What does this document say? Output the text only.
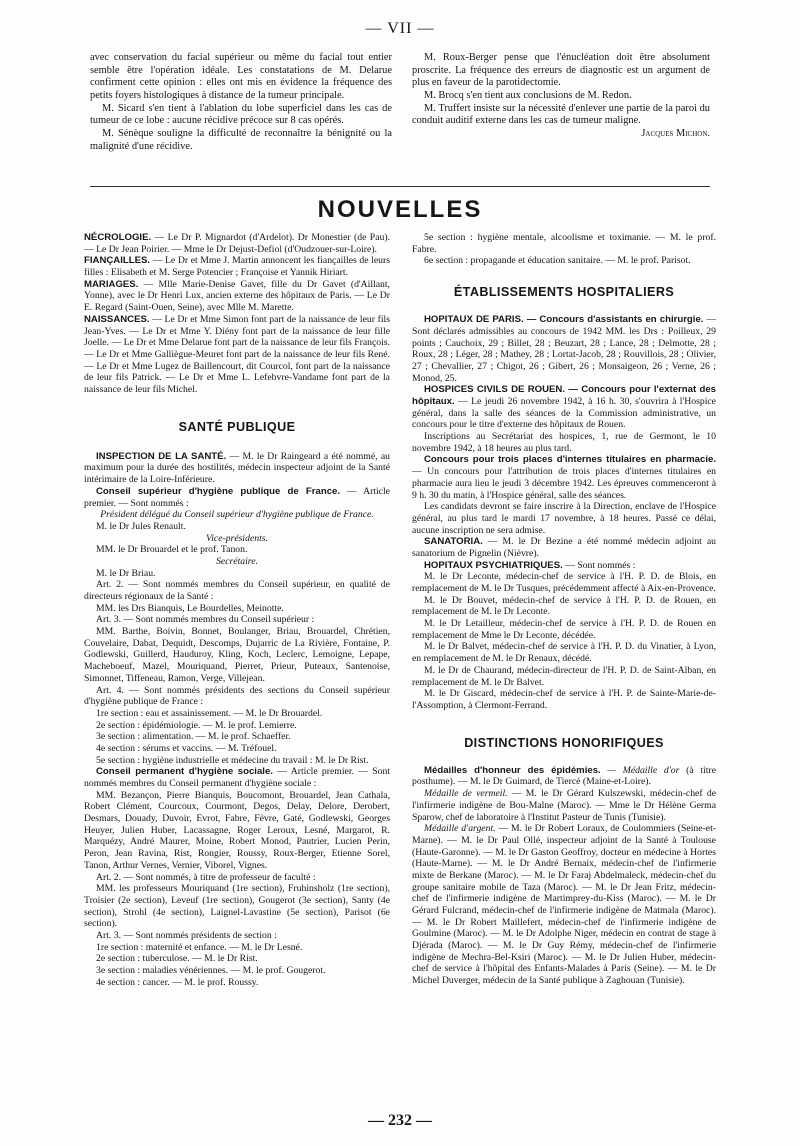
— VII —

avec conservation du facial supérieur ou même du facial tout entier semble être l'opération idéale. Les constatations de M. Delarue confirment cette opinion : elles ont mis en évidence la fréquence des petits foyers histologiques à distance de la tumeur principale.

M. Sicard s'en tient à l'ablation du lobe superficiel dans les cas de tumeur de ce lobe : aucune récidive précoce sur 8 cas opérés.

M. Sénèque souligne la difficulté de reconnaître la bénignité ou la malignité d'une récidive.

M. Roux-Berger pense que l'énucléation doit être absolument proscrite. La fréquence des erreurs de diagnostic est un argument de plus en faveur de la parotidectomie.

M. Brocq s'en tient aux conclusions de M. Redon.

M. Truffert insiste sur la nécessité d'enlever une partie de la paroi du conduit auditif externe dans les cas de tumeur maligne.

Jacques Michon.

NOUVELLES

NÉCROLOGIE. — Le Dr P. Mignardot (d'Ardelot). Dr Monestier (de Pau). — Le Dr Jean Poirier. — Mme le Dr Dejust-Defiol (d'Oudzouer-sur-Loire).

FIANÇAILLES. — Le Dr et Mme J. Martin annoncent les fiançailles de leurs filles : Elisabeth et M. Serge Potencier ; Françoise et Yannik Hiriart.

MARIAGES. — Mlle Marie-Denise Gavet, fille du Dr Gavet (d'Aillant, Yonne), avec le Dr Henri Lux, ancien externe des hôpitaux de Paris. — Le Dr E. Regard (Saint-Ouen, Seine), avec Mlle M. Marette.

NAISSANCES. — Le Dr et Mme Simon font part de la naissance de leur fils Jean-Yves. — Le Dr et Mme Y. Diény font part de la naissance de leur fille Joelle. — Le Dr et Mme Delarue font part de la naissance de leur fils François. — Le Dr et Mme Galliègue-Meuret font part de la naissance de leur fils René. — Le Dr et Mme Lugez de Baillencourt, dit Courcol, font part de la naissance de leur fils Patrick. — Le Dr et Mme L. Lefebvre-Vandame font part de la naissance de leur fils Michel.

SANTÉ PUBLIQUE

INSPECTION DE LA SANTÉ. — M. le Dr Raingeard a été nommé, au maximum pour la durée des hostilités, médecin inspecteur adjoint de la Santé intérimaire de la Loire-Inférieure.

Conseil supérieur d'hygiène publique de France. — Article premier. — Sont nommés :

Président délégué du Conseil supérieur d'hygiène publique de France.

M. le Dr Jules Renault.

Vice-présidents.

MM. le Dr Brouardel et le prof. Tanon.

Secrétaire.

M. le Dr Briau.

Art. 2. — Sont nommés membres du Conseil supérieur, en qualité de directeurs régionaux de la Santé :

MM. les Drs Bianquis, Le Bourdelles, Meinotte.

Art. 3. — Sont nommés membres du Conseil supérieur :

MM. Barthe, Boivin, Bonnet, Boulanger, Briau, Brouardel, Chrétien, Couvelaire, Dabat, Dequidt, Descomps, Dujarric de La Rivière, Fontaine, P. Godlewski, Guillerd, Hauduroy, Kling, Koch, Leclerc, Lemoigne, Lepape, Macheboeuf, Mazel, Mouriquand, Pierret, Prieur, Puteaux, Santenoise, Simonnet, Tiffeneau, Ramon, Verge, Villejean.

Art. 4. — Sont nommés présidents des sections du Conseil supérieur d'hygiène publique de France :

1re section : eau et assainissement. — M. le Dr Brouardel.

2e section : épidémiologie. — M. le prof. Lemierre.

3e section : alimentation. — M. le prof. Schaeffer.

4e section : sérums et vaccins. — M. Tréfouel.

5e section : hygiène industrielle et médecine du travail : M. le Dr Rist.

Conseil permanent d'hygiène sociale. — Article premier. — Sont nommés membres du Conseil permanent d'hygiène sociale :

MM. Bezançon, Pierre Bianquis, Boucomont, Brouardel, Jean Cathala, Robert Clément, Courcoux, Courmont, Degos, Delay, Delore, Derobert, Desmars, Douady, Duvoir, Evrot, Fabre, Fèvre, Gaté, Godlewski, Georges Heuyer, Julien Huber, Lacassagne, Roger Leroux, Lesné, Margarot, R. Marquézy, André Maurer, Moine, Robert Monod, Pautrier, Lucien Perin, Peron, Jean Ravina, Rist, Rongier, Roussy, Roux-Berger, Etienne Sorel, Tanon, Arthur Vernes, Vernier, Viborel, Vignes.

Art. 2. — Sont nommés, à titre de professeur de faculté :

MM. les professeurs Mouriquand (1re section), Fruhinsholz (1re section), Troisier (2e section), Leveuf (1re section), Gougerot (3e section), Santy (4e section), Strohl (4e section), Laignel-Lavastine (5e section), Parisot (6e section).

Art. 3. — Sont nommés présidents de section :

1re section : maternité et enfance. — M. le Dr Lesné.

2e section : tuberculose. — M. le Dr Rist.

3e section : maladies vénériennes. — M. le prof. Gougerot.

4e section : cancer. — M. le prof. Roussy.

5e section : hygiène mentale, alcoolisme et toximanie. — M. le prof. Fabre.

6e section : propagande et éducation sanitaire. — M. le prof. Parisot.

ÉTABLISSEMENTS HOSPITALIERS

HOPITAUX DE PARIS. — Concours d'assistants en chirurgie. — Sont déclarés admissibles au concours de 1942 MM. les Drs : Poilleux, 29 points ; Cauchoix, 29 ; Billet, 28 ; Beuzart, 28 ; Lance, 28 ; Delmotte, 28 ; Roux, 28 ; Léger, 28 ; Mathey, 28 ; Lortat-Jacob, 28 ; Rouvillois, 28 ; Olivier, 27 ; Chevallier, 27 ; Chigot, 26 ; Gibert, 26 ; Monsaigeon, 26 ; Verne, 26 ; Monod, 25.

HOSPICES CIVILS DE ROUEN. — Concours pour l'externat des hôpitaux. — Le jeudi 26 novembre 1942, à 16 h. 30, s'ouvrira à l'Hospice général, dans la salle des séances de la Commission administrative, un concours pour le titre d'externe des hôpitaux de Rouen.

Inscriptions au Secrétariat des hospices, 1, rue de Germont, le 10 novembre 1942, à 18 heures au plus tard.

Concours pour trois places d'internes titulaires en pharmacie. — Un concours pour l'attribution de trois places d'internes titulaires en pharmacie aura lieu le jeudi 3 décembre 1942. Les épreuves commenceront à 9 h. 30 du matin, à l'Hospice général, salle des séances.

Les candidats devront se faire inscrire à la Direction, enclave de l'Hospice général, au plus tard le mardi 17 novembre, à 18 heures. Passé ce délai, aucune inscription ne sera admise.

SANATORIA. — M. le Dr Bezine a été nommé médecin adjoint au sanatorium de Pignelin (Nièvre).

HOPITAUX PSYCHIATRIQUES. — Sont nommés :

M. le Dr Leconte, médecin-chef de service à l'H. P. D. de Blois, en remplacement de M. le Dr Tusques, précédemment affecté à Aix-en-Provence.

M. le Dr Bouvet, médecin-chef de service à l'H. P. D. de Rouen, en remplacement de M. le Dr Leconte.

M. le Dr Letailleur, médecin-chef de service à l'H. P. D. de Rouen en remplacement de Mme le Dr Leconte, décédée.

M. le Dr Balvet, médecin-chef de service à l'H. P. D. du Vinatier, à Lyon, en remplacement de M. le Dr Renaux, décédé.

M. le Dr de Chaurand, médecin-directeur de l'H. P. D. de Saint-Alban, en remplacement de M. le Dr Balvet.

M. le Dr Giscard, médecin-chef de service à l'H. P. de Sainte-Marie-de-l'Assomption, à Clermont-Ferrand.

DISTINCTIONS HONORIFIQUES

Médailles d'honneur des épidémies. — Médaille d'or (à titre posthume). — M. le Dr Guimard, de Tiercé (Maine-et-Loire).

Médaille de vermeil. — M. le Dr Gérard Kulszewski, médecin-chef de l'infirmerie indigène de Bou-Malne (Maroc). — Mme le Dr Hélène Germa Sparow, chef de laboratoire à l'Institut Pasteur de Tunis (Tunisie).

Médaille d'argent. — M. le Dr Robert Loraux, de Coulommiers (Seine-et-Marne). — M. le Dr Paul Ollé, inspecteur adjoint de la Santé à Toulouse (Haute-Garonne). — M. le Dr Gaston Geoffroy, docteur en médecine à Hortes (Haute-Marne). — M. le Dr André Bernaix, médecin-chef de l'infirmerie mixte de Berkane (Maroc). — M. le Dr Faraj Abdelmaleck, médecin-chef du groupe sanitaire mobile de Taza (Maroc). — M. le Dr Jean Fritz, médecin-chef de l'infirmerie indigène de Martimprey-du-Kiss (Maroc). — M. le Dr Gérard Fulcrand, médecin-chef de l'infirmerie indigène de Matmala (Maroc). — M. le Dr Robert Maillefert, médecin-chef de l'infirmerie indigène de Goulmine (Maroc). — M. le Dr Adolphe Niger, médecin en contrat de stage à Djérada (Maroc). — M. le Dr Guy Rémy, médecin-chef de l'infirmerie indigène de Mechra-Bel-Ksiri (Maroc). — M. le Dr Julien Huber, médecin-chef de service à l'hôpital des Enfants-Malades à Paris (Seine). — M. le Dr Michel Duverger, médecin de la Santé publique à Zaghouan (Tunisie).

— 232 —
